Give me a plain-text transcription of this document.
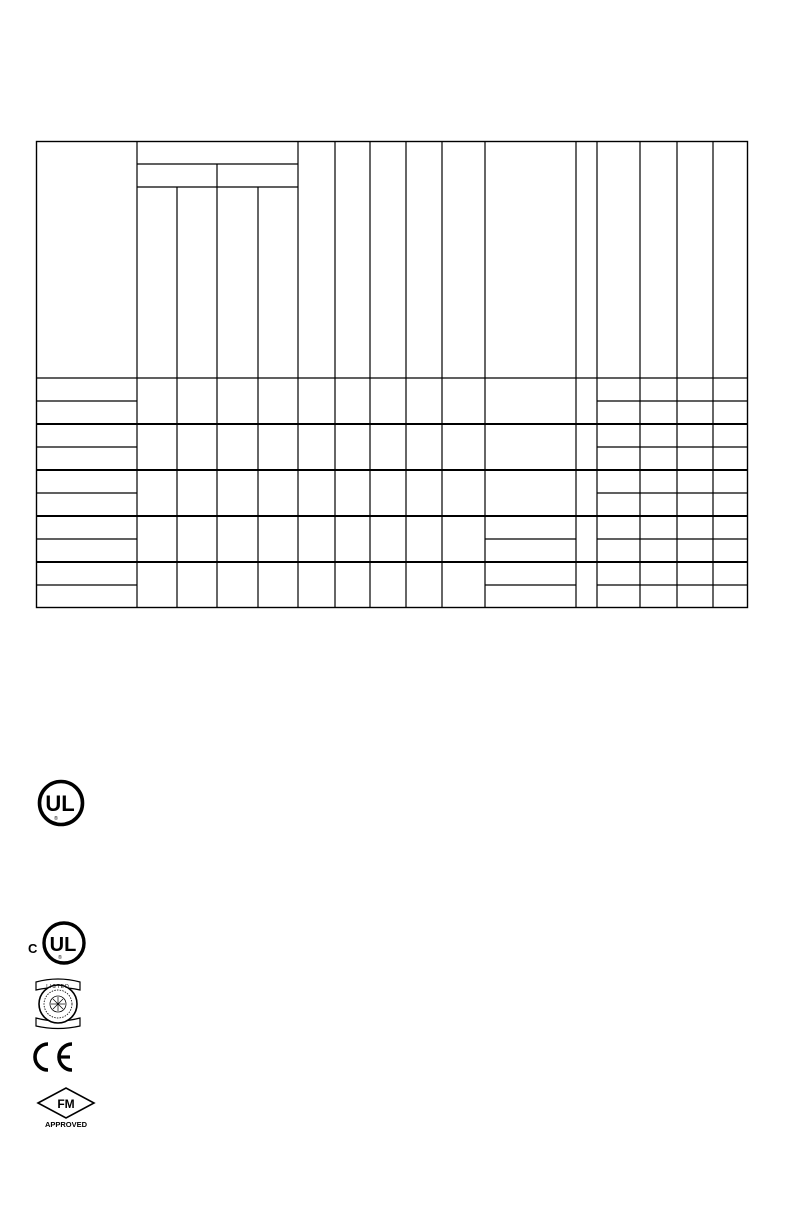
UL
®
C UL
®
LISTED
FM
APPROVED
